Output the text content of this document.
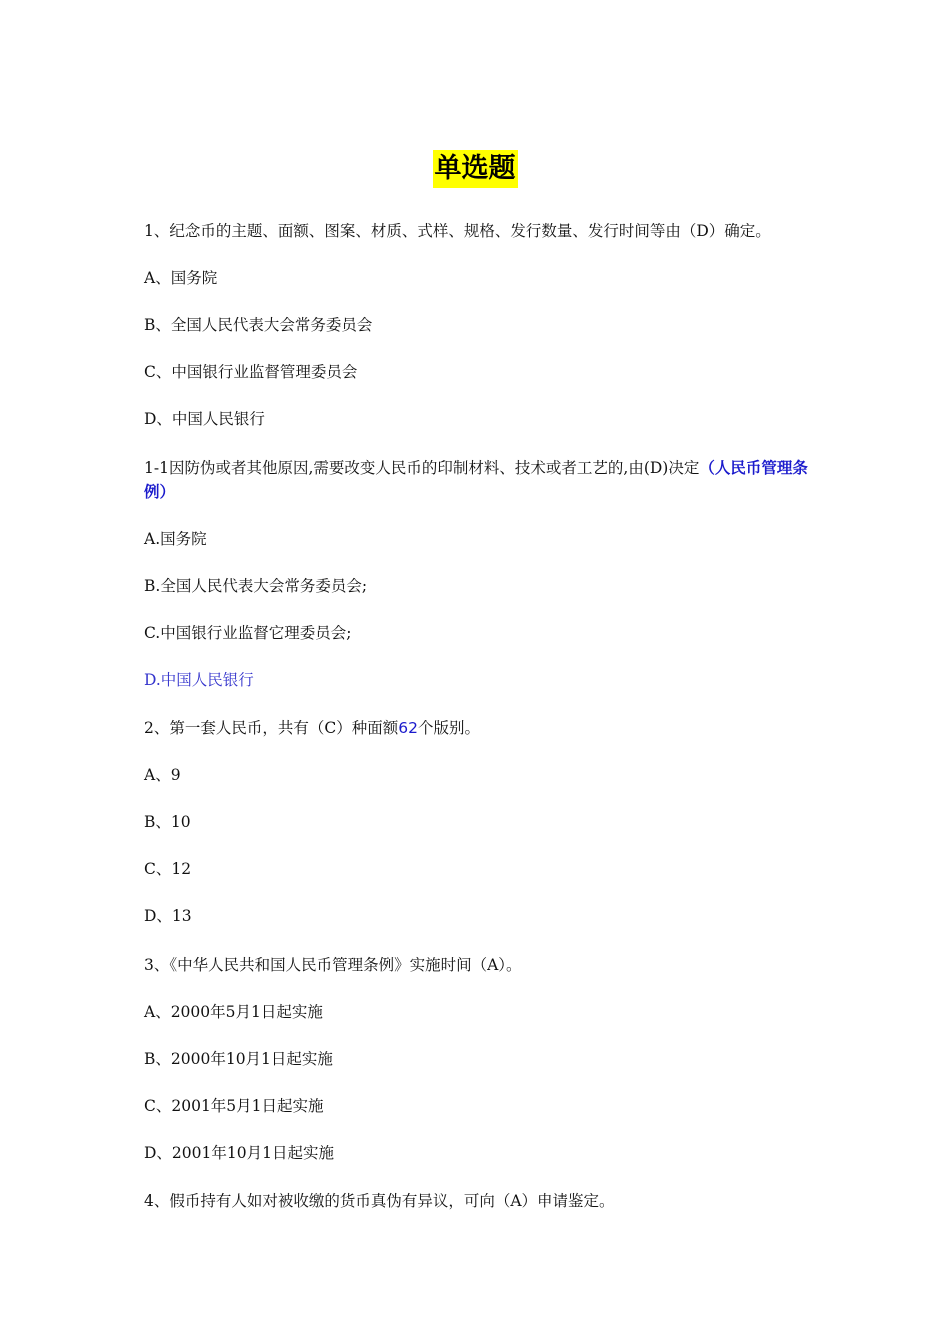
单选题
1、纪念币的主题、面额、图案、材质、式样、规格、发行数量、发行时间等由（D）确定。
A、国务院
B、全国人民代表大会常务委员会
C、中国银行业监督管理委员会
D、中国人民银行
1-1因防伪或者其他原因,需要改变人民币的印制材料、技术或者工艺的,由(D)决定（人民币管理条例）
A.国务院
B.全国人民代表大会常务委员会;
C.中国银行业监督它理委员会;
D.中国人民银行
2、第一套人民币，共有（C）种面额62个版别。
A、9
B、10
C、12
D、13
3、《中华人民共和国人民币管理条例》实施时间（A）。
A、2000年5月1日起实施
B、2000年10月1日起实施
C、2001年5月1日起实施
D、2001年10月1日起实施
4、假币持有人如对被收缴的货币真伪有异议，可向（A）申请鉴定。
